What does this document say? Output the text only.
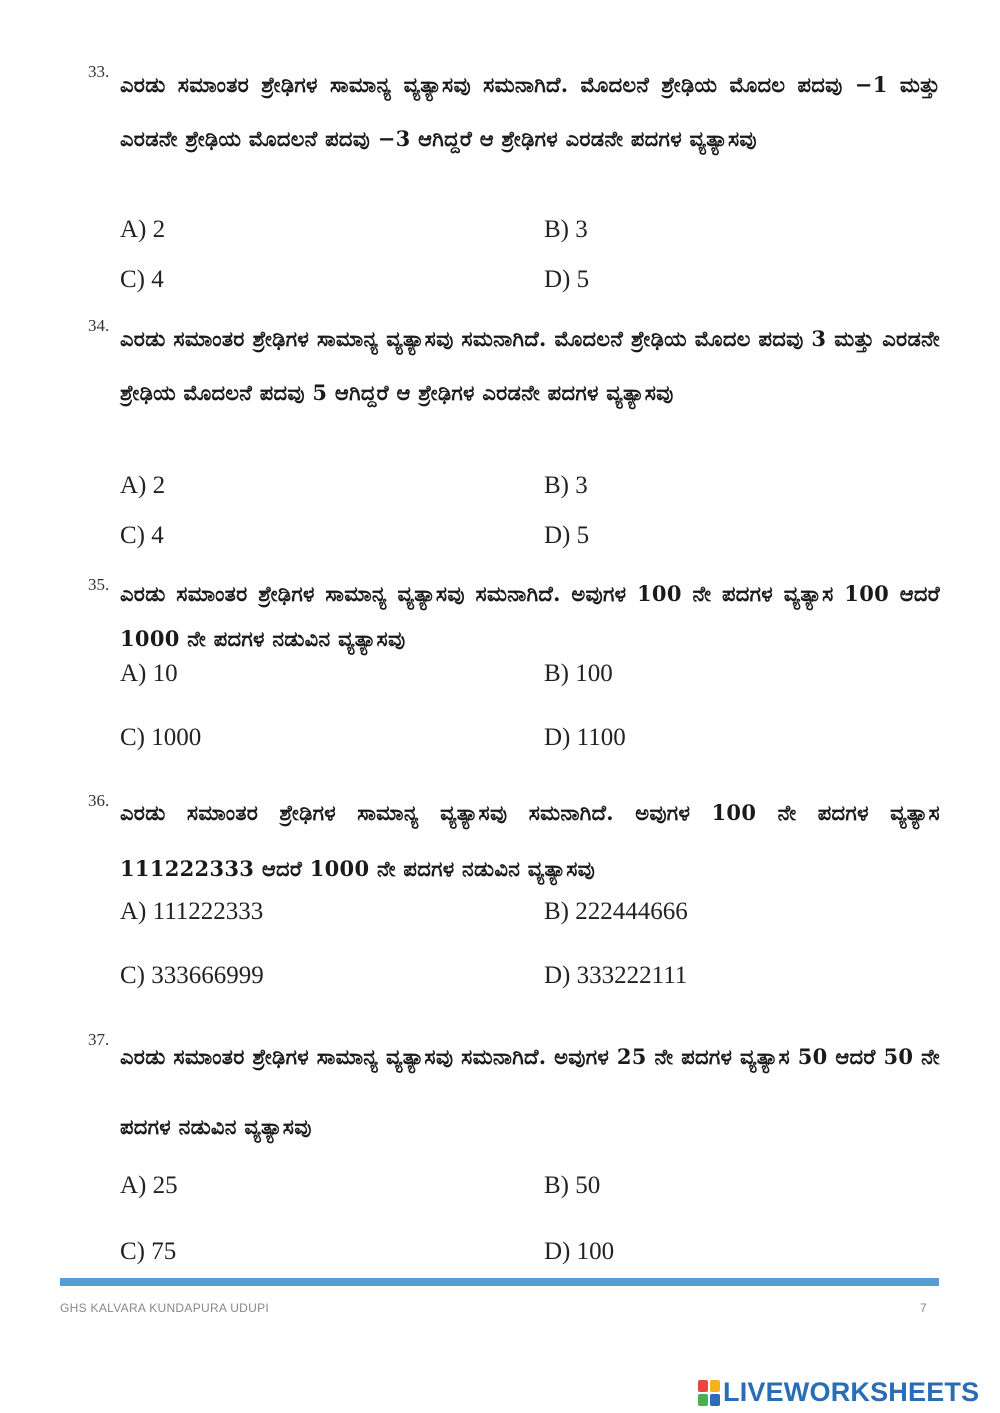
33.
ಎರಡು ಸಮಾಂತರ ಶ್ರೇಢಿಗಳ ಸಾಮಾನ್ಯ ವ್ಯತ್ಯಾಸವು ಸಮನಾಗಿದೆ. ಮೊದಲನೆ ಶ್ರೇಢಿಯ ಮೊದಲ ಪದವು −1 ಮತ್ತು ಎರಡನೇ ಶ್ರೇಢಿಯ ಮೊದಲನೆ ಪದವು −3 ಆಗಿದ್ದರೆ ಆ ಶ್ರೇಢಿಗಳ ಎರಡನೇ ಪದಗಳ ವ್ಯತ್ಯಾಸವು
A) 2	B) 3
C) 4	D) 5
34.
ಎರಡು ಸಮಾಂತರ ಶ್ರೇಢಿಗಳ ಸಾಮಾನ್ಯ ವ್ಯತ್ಯಾಸವು ಸಮನಾಗಿದೆ. ಮೊದಲನೆ ಶ್ರೇಢಿಯ ಮೊದಲ ಪದವು 3 ಮತ್ತು ಎರಡನೇ ಶ್ರೇಢಿಯ ಮೊದಲನೆ ಪದವು 5 ಆಗಿದ್ದರೆ ಆ ಶ್ರೇಢಿಗಳ ಎರಡನೇ ಪದಗಳ ವ್ಯತ್ಯಾಸವು
A) 2	B) 3
C) 4	D) 5
35. ಎರಡು ಸಮಾಂತರ ಶ್ರೇಢಿಗಳ ಸಾಮಾನ್ಯ ವ್ಯತ್ಯಾಸವು ಸಮನಾಗಿದೆ. ಅವುಗಳ 100 ನೇ ಪದಗಳ ವ್ಯತ್ಯಾಸ 100 ಆದರೆ 1000 ನೇ ಪದಗಳ ನಡುವಿನ ವ್ಯತ್ಯಾಸವು
A) 10	B) 100
C) 1000	D) 1100
36. ಎರಡು ಸಮಾಂತರ ಶ್ರೇಢಿಗಳ ಸಾಮಾನ್ಯ ವ್ಯತ್ಯಾಸವು ಸಮನಾಗಿದೆ. ಅವುಗಳ 100 ನೇ ಪದಗಳ ವ್ಯತ್ಯಾಸ 111222333 ಆದರೆ 1000 ನೇ ಪದಗಳ ನಡುವಿನ ವ್ಯತ್ಯಾಸವು
A) 111222333	B) 222444666
C) 333666999	D) 333222111
37.
ಎರಡು ಸಮಾಂತರ ಶ್ರೇಢಿಗಳ ಸಾಮಾನ್ಯ ವ್ಯತ್ಯಾಸವು ಸಮನಾಗಿದೆ. ಅವುಗಳ 25 ನೇ ಪದಗಳ ವ್ಯತ್ಯಾಸ 50 ಆದರೆ 50 ನೇ ಪದಗಳ ನಡುವಿನ ವ್ಯತ್ಯಾಸವು
A) 25	B) 50
C) 75	D) 100
GHS KALVARA KUNDAPURA UDUPI	7
LIVEWORKSHEETS
